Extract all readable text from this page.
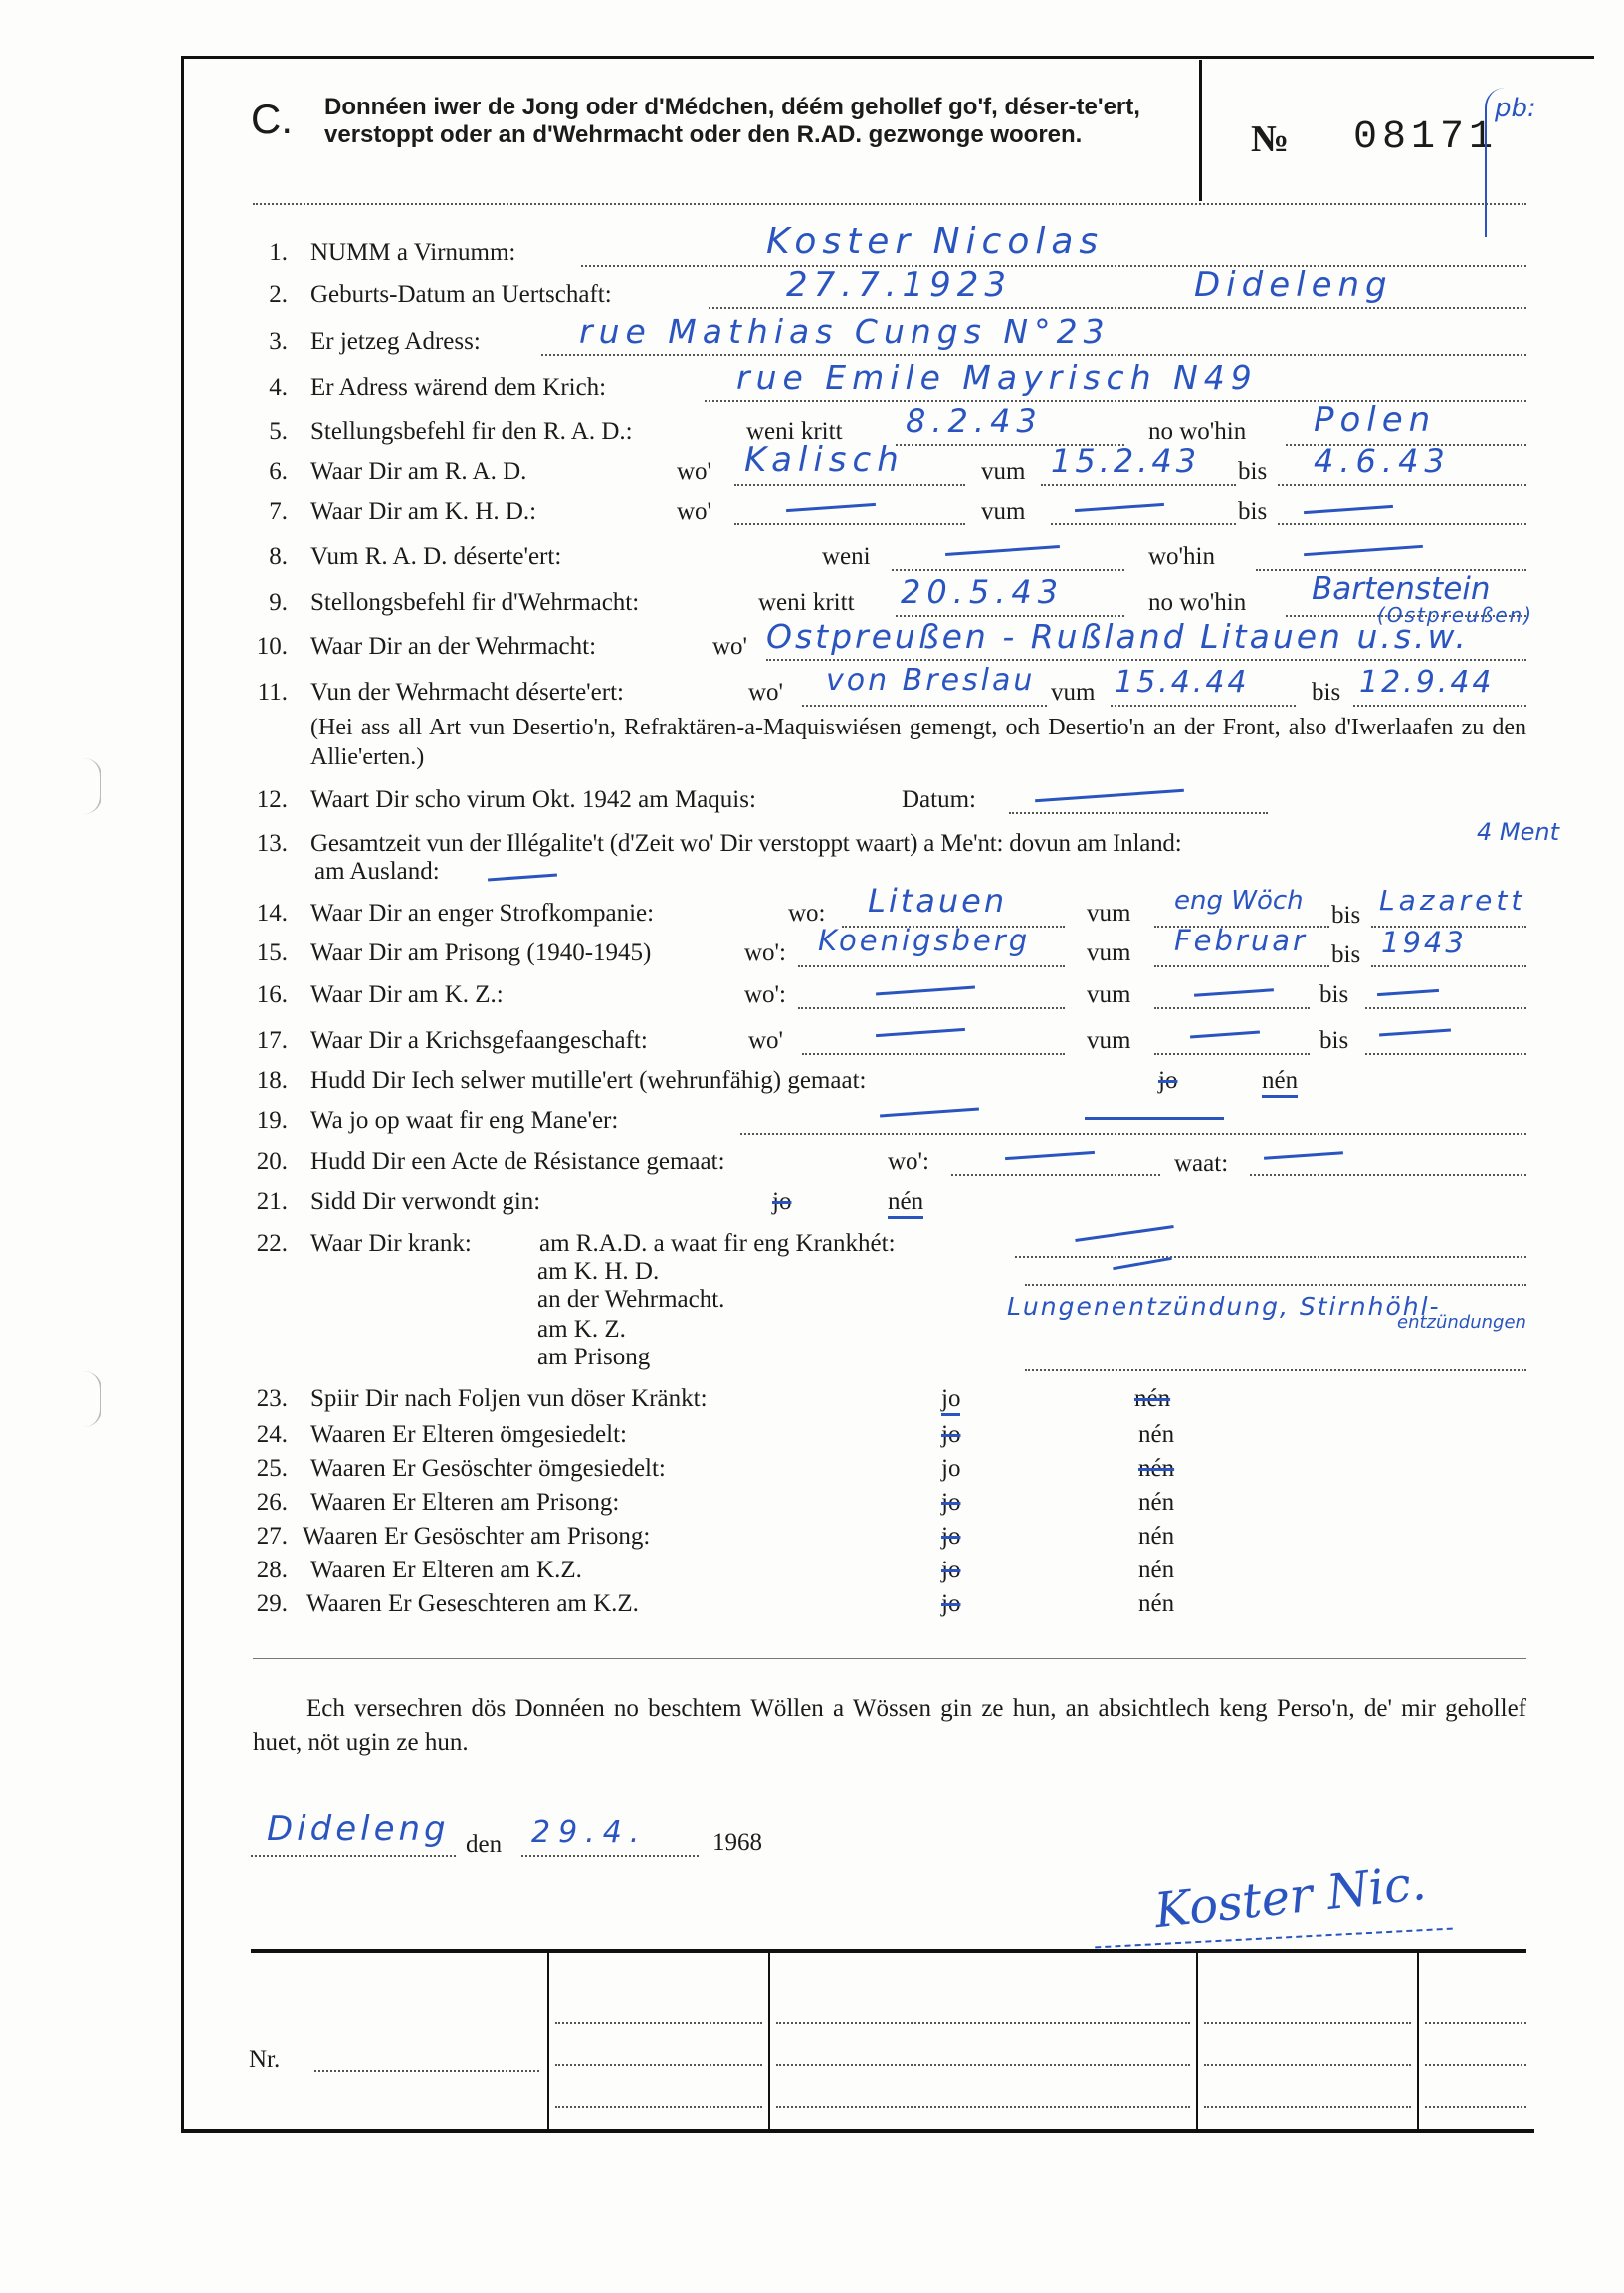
C. Donnéen iwer de Jong oder d'Médchen, déém gehollef go'f, déser-te'ert, verstoppt oder an d'Wehrmacht oder den R.AD. gezwonge wooren.	№ 08171
pb:
1. NUMM a Virnumm:	Koster Nicolas
2. Geburts-Datum an Uertschaft:	27.7.1923	Dideleng
3. Er jetzeg Adress:	rue Mathias Cungs N°23
4. Er Adress wärend dem Krich:	rue Emile Mayrisch N49
5. Stellungsbefehl fir den R. A. D.:	weni kritt 8.2.43	no wo'hin Polen
6. Waar Dir am R. A. D.	wo' Kalisch	vum 15.2.43 bis 4.6.43
7. Waar Dir am K. H. D.:	wo'	vum	bis
8. Vum R. A. D. déserte'ert:	weni	wo'hin
9. Stellongsbefehl fir d'Wehrmacht:	weni kritt 20.5.43	no wo'hin Bartenstein
(Ostpreußen)
10. Waar Dir an der Wehrmacht:	wo' Ostpreußen - Rußland Litauen u.s.w.
11. Vun der Wehrmacht déserte'ert:	wo' von Breslau vum 15.4.44 bis 12.9.44
(Hei ass all Art vun Desertio'n, Refraktären-a-Maquiswiésen gemengt, och Desertio'n an der Front, also d'Iwerlaafen zu den Allie'erten.)
12. Waart Dir scho virum Okt. 1942 am Maquis:	Datum:
13. Gesamtzeit vun der Illégalite't (d'Zeit wo' Dir verstoppt waart) a Me'nt: dovun am Inland:	4 Ment
am Ausland:
14. Waar Dir an enger Strofkompanie:	wo: Litauen	vum eng Wöch bis Lazarett
15. Waar Dir am Prisong (1940-1945)	wo': Koenigsberg vum Februar bis 1943
16. Waar Dir am K. Z.:	wo':	vum	bis
17. Waar Dir a Krichsgefaangeschaft:	wo'	vum	bis
18. Hudd Dir Iech selwer mutille'ert (wehrunfähig) gemaat:	jo	nén
19. Wa jo op waat fir eng Mane'er:
20. Hudd Dir een Acte de Résistance gemaat:	wo':	waat:
21. Sidd Dir verwondt gin:	jo	nén
22. Waar Dir krank:	am R.A.D. a waat fir eng Krankhét:
am K. H. D.
an der Wehrmacht.
am K. Z.
am Prisong
Lungenentzündung, Stirnhöhl-
entzündungen
23. Spiir Dir nach Foljen vun döser Kränkt:	jo	nén
24. Waaren Er Elteren ömgesiedelt:	jo	nén
25. Waaren Er Gesöschter ömgesiedelt:	jo	nén
26. Waaren Er Elteren am Prisong:	jo	nén
27. Waaren Er Gesöschter am Prisong:	jo	nén
28. Waaren Er Elteren am K.Z.	jo	nén
29. Waaren Er Geseschteren am K.Z.	jo	nén
Ech versechren dös Donnéen no beschtem Wöllen a Wössen gin ze hun, an absichtlech keng Perso'n, de' mir gehollef huet, nöt ugin ze hun.
Dideleng den 29.4.	1968
Koster Nic.
Nr.
